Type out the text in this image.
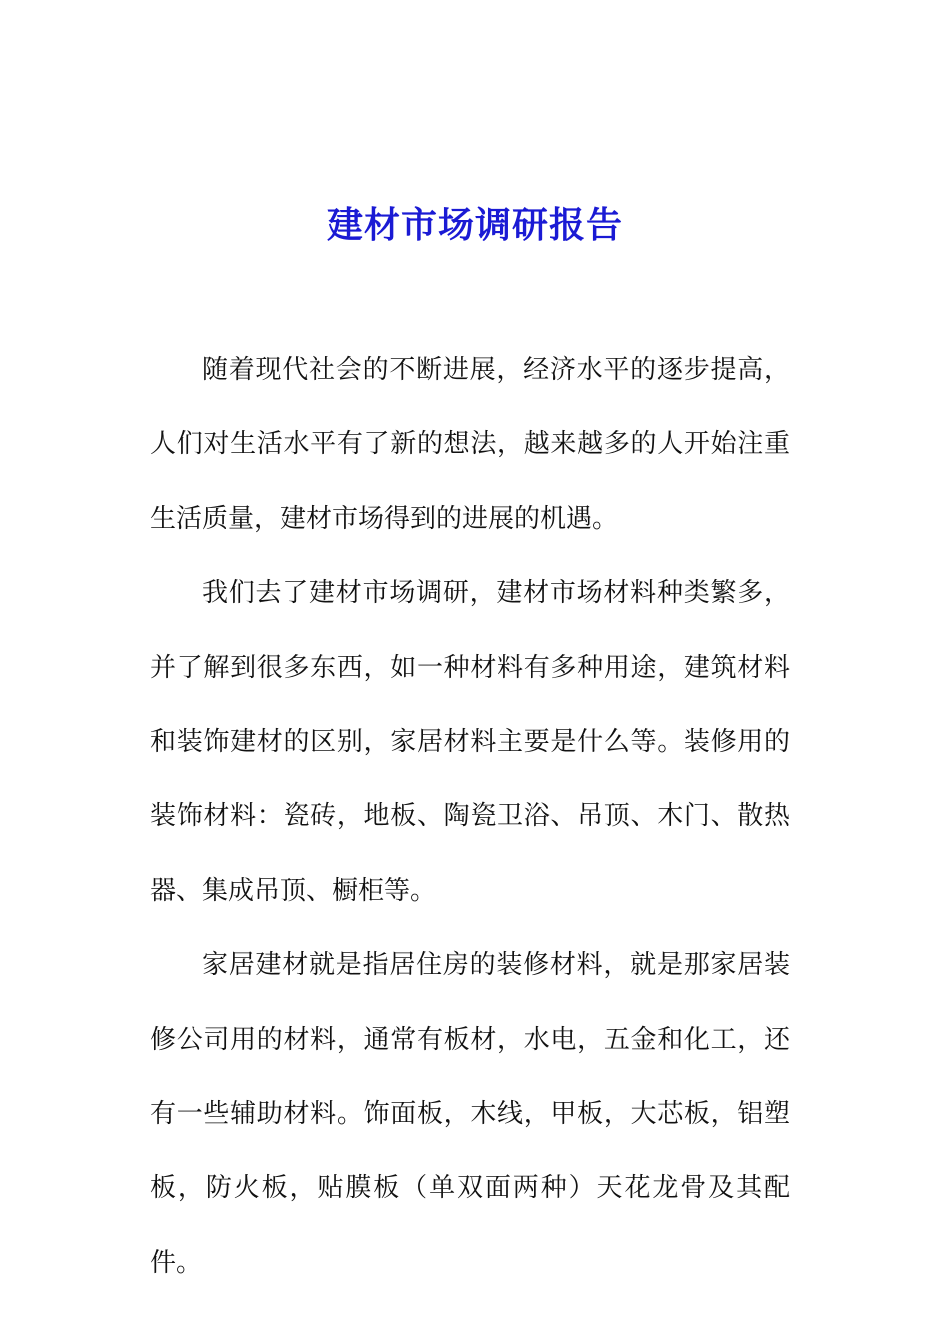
建材市场调研报告

随着现代社会的不断进展，经济水平的逐步提高，人们对生活水平有了新的想法，越来越多的人开始注重生活质量，建材市场得到的进展的机遇。

我们去了建材市场调研，建材市场材料种类繁多，并了解到很多东西，如一种材料有多种用途，建筑材料和装饰建材的区别，家居材料主要是什么等。装修用的装饰材料：瓷砖，地板、陶瓷卫浴、吊顶、木门、散热器、集成吊顶、橱柜等。

家居建材就是指居住房的装修材料，就是那家居装修公司用的材料，通常有板材，水电，五金和化工，还有一些辅助材料。饰面板，木线，甲板，大芯板，铝塑板，防火板，贴膜板（单双面两种）天花龙骨及其配件。
